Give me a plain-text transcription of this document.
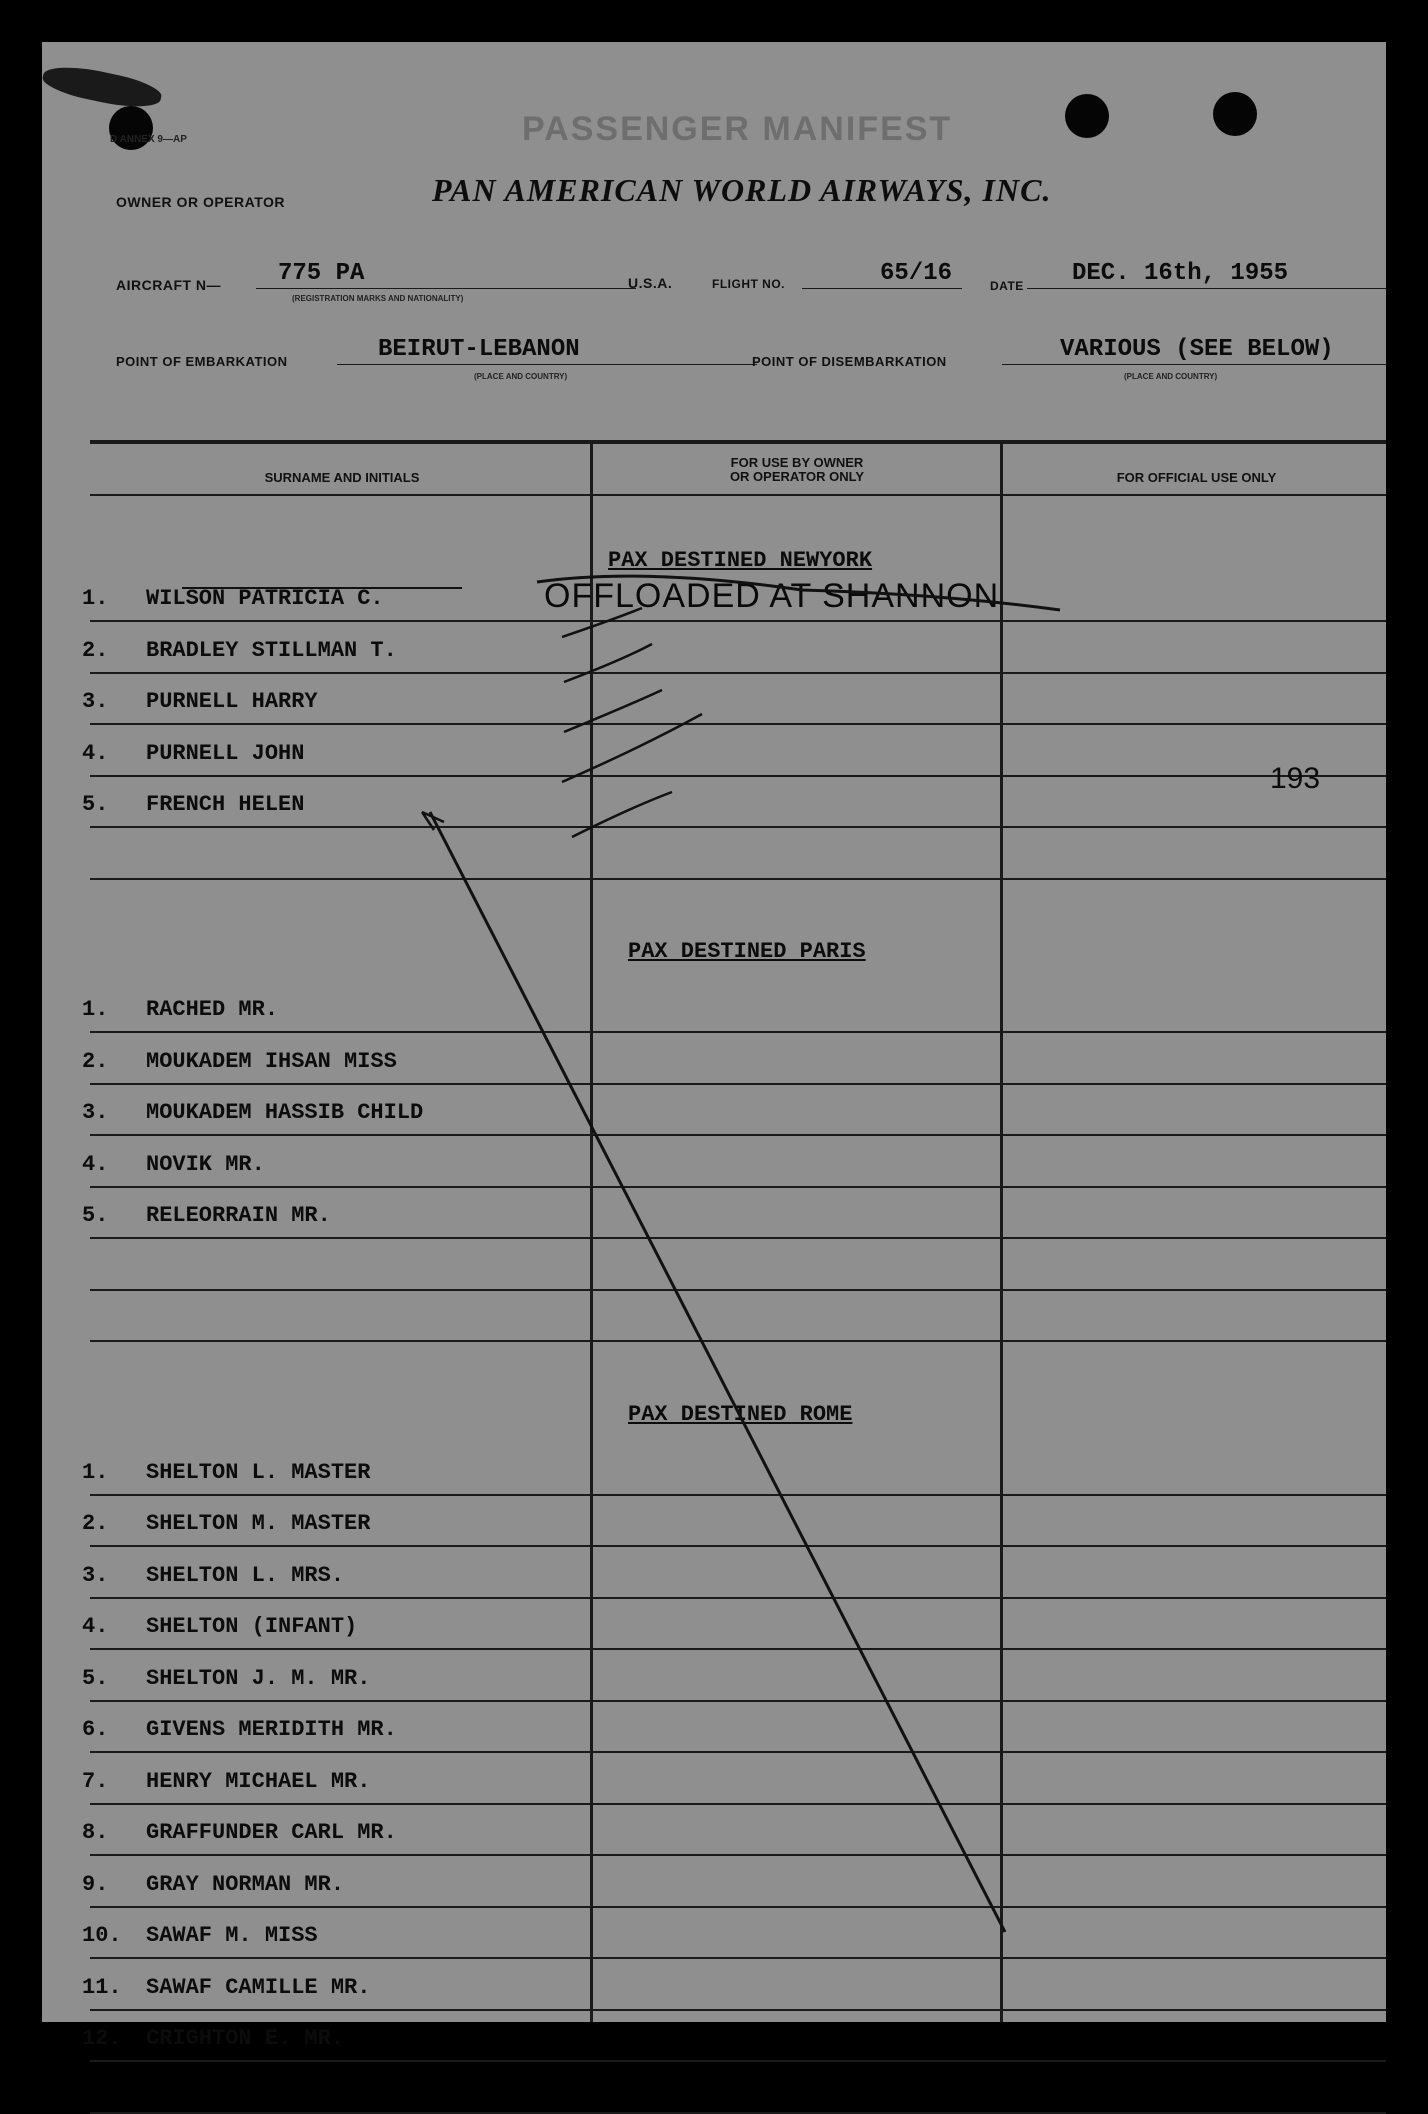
D ANNEX 9—AP	PASSENGER MANIFEST
OWNER OR OPERATOR	PAN AMERICAN WORLD AIRWAYS, INC.
AIRCRAFT N— 775 PA
(REGISTRATION MARKS AND NATIONALITY)
U.S.A.	FLIGHT NO.	65/16	DATE DEC. 16th, 1955
POINT OF EMBARKATION	BEIRUT-LEBANON
(PLACE AND COUNTRY)
POINT OF DISEMBARKATION	VARIOUS (SEE BELOW)
(PLACE AND COUNTRY)
SURNAME AND INITIALS
FOR USE BY OWNER
OR OPERATOR ONLY	FOR OFFICIAL USE ONLY
PAX DESTINED NEWYORK
1. WILSON PATRICIA C.
2. BRADLEY STILLMAN T.
3. PURNELL HARRY
4. PURNELL JOHN
5. FRENCH HELEN
PAX DESTINED PARIS
1. RACHED MR.
2. MOUKADEM IHSAN MISS
3. MOUKADEM HASSIB CHILD
4. NOVIK MR.
5. RELEORRAIN MR.
PAX DESTINED ROME
1. SHELTON L. MASTER
2. SHELTON M. MASTER
3. SHELTON L. MRS.
4. SHELTON (INFANT)
5. SHELTON J. M. MR.
6. GIVENS MERIDITH MR.
7. HENRY MICHAEL MR.
8. GRAFFUNDER CARL MR.
9. GRAY NORMAN MR.
10. SAWAF M. MISS
11. SAWAF CAMILLE MR.
12. CRIGHTON E. MR.
OFFLOADED AT SHANNON
193
